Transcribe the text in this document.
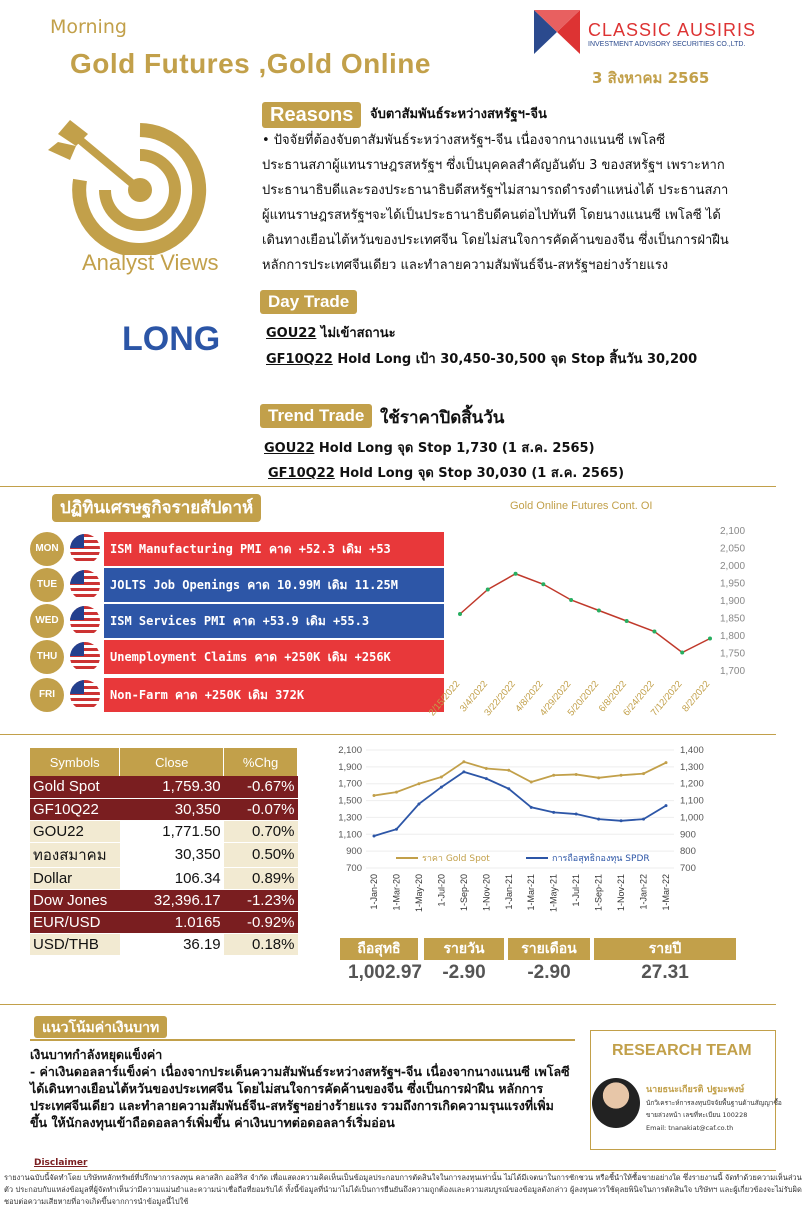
Morning
Gold Futures ,Gold Online
CLASSIC AUSIRIS
INVESTMENT ADVISORY SECURITIES CO.,LTD.
3 สิงหาคม 2565
Analyst Views
LONG
Reasons	จับตาสัมพันธ์ระหว่างสหรัฐฯ-จีน
• ปัจจัยที่ต้องจับตาสัมพันธ์ระหว่างสหรัฐฯ-จีน เนื่องจากนางแนนซี เพโลซี
ประธานสภาผู้แทนราษฎรสหรัฐฯ ซึ่งเป็นบุคคลสำคัญอันดับ 3 ของสหรัฐฯ เพราะหาก
ประธานาธิบดีและรองประธานาธิบดีสหรัฐฯไม่สามารถดำรงตำแหน่งได้ ประธานสภา
ผู้แทนราษฎรสหรัฐฯจะได้เป็นประธานาธิบดีคนต่อไปทันที โดยนางแนนซี เพโลซี ได้
เดินทางเยือนไต้หวันของประเทศจีน โดยไม่สนใจการคัดค้านของจีน ซึ่งเป็นการฝ่าฝืน
หลักการประเทศจีนเดียว และทำลายความสัมพันธ์จีน-สหรัฐฯอย่างร้ายแรง
Day Trade
GOU22 ไม่เข้าสถานะ
GF10Q22 Hold Long เป้า 30,450-30,500 จุด Stop สิ้นวัน 30,200
Trend Trade ใช้ราคาปิดสิ้นวัน
GOU22 Hold Long จุด Stop 1,730 (1 ส.ค. 2565)
GF10Q22 Hold Long จุด Stop 30,030 (1 ส.ค. 2565)
ปฏิทินเศรษฐกิจรายสัปดาห์
MON	ISM Manufacturing PMI คาด +52.3 เดิม +53
TUE	JOLTS Job Openings คาด 10.99M เดิม 11.25M
WED	ISM Services PMI คาด +53.9 เดิม +55.3
THU	Unemployment Claims คาด +250K เดิม +256K
FRI	Non-Farm คาด +250K เดิม 372K
Gold Online Futures Cont. OI
2,100
2,050
2,000
1,950
1,900
1,850
1,800
1,750
1,700
2/15/2022
3/4/2022
3/22/2022
4/8/2022
4/29/2022
5/20/2022
6/8/2022
6/24/2022
7/12/2022
8/2/2022
Symbols	Close	%Chg
Gold Spot	1,759.30	-0.67%
GF10Q22	30,350	-0.07%
GOU22	1,771.50	0.70%
ทองสมาคม	30,350	0.50%
Dollar	106.34	0.89%
Dow Jones	32,396.17	-1.23%
EUR/USD	1.0165	-0.92%
USD/THB	36.19	0.18%
2,100
1,900
1,700
1,500
1,300
1,100
900
700
1,400
1,300
1,200
1,100
1,000
900
800
700
ราคา Gold Spot	การถือสุทธิกองทุน SPDR
1-Jan-20 1-Mar-20 1-May-20 1-Jul-20 1-Sep-20 1-Nov-20 1-Jan-21 1-Mar-21 1-May-21 1-Jul-21 1-Sep-21 1-Nov-21 1-Jan-22 1-Mar-22
ถือสุทธิ	รายวัน	รายเดือน	รายปี
1,002.97	-2.90	-2.90	27.31
แนวโน้มค่าเงินบาท
เงินบาทกำลังหยุดแข็งค่า
- ค่าเงินดอลลาร์แข็งค่า เนื่องจากประเด็นความสัมพันธ์ระหว่างสหรัฐฯ-จีน เนื่องจากนางแนนซี เพโลซี ได้เดินทางเยือนไต้หวันของประเทศจีน โดยไม่สนใจการคัดค้านของจีน ซึ่งเป็นการฝ่าฝืน หลักการประเทศจีนเดียว และทำลายความสัมพันธ์จีน-สหรัฐฯอย่างร้ายแรง รวมถึงการเกิดความรุนแรงที่เพิ่มขึ้น ให้นักลงทุนเข้าถือดอลลาร์เพิ่มขึ้น ค่าเงินบาทต่อดอลลาร์เริ่มอ่อน
RESEARCH TEAM
นายธนะเกียรติ ปฐมะพงษ์
นักวิเคราะห์การลงทุนปัจจัยพื้นฐานด้านสัญญาซื้อ
ขายล่วงหน้า เลขที่ทะเบียน 100228
Email: tnanakiat@caf.co.th
Disclaimer
รายงานฉบับนี้จัดทำโดย บริษัทหลักทรัพย์ที่ปรึกษาการลงทุน คลาสสิก ออสิริส จำกัด เพื่อแสดงความคิดเห็นเป็นข้อมูลประกอบการตัดสินใจในการลงทุนเท่านั้น ไม่ได้มีเจตนาในการชักชวน หรือชี้นำให้ซื้อขายอย่างใด ซึ่งรายงานนี้ จัดทำด้วยความเห็นส่วนตัว ประกอบกับแหล่งข้อมูลที่ผู้จัดทำเห็นว่ามีความแม่นยำและความน่าเชื่อถือที่ยอมรับได้ ทั้งนี้ข้อมูลที่นำมาไม่ได้เป็นการยืนยันถึงความถูกต้องและความสมบูรณ์ของข้อมูลดังกล่าว ผู้ลงทุนควรใช้ดุลยพินิจในการตัดสินใจ บริษัทฯ และผู้เกี่ยวข้องจะไม่รับผิดชอบต่อความเสียหายที่อาจเกิดขึ้นจากการนำข้อมูลนี้ไปใช้
